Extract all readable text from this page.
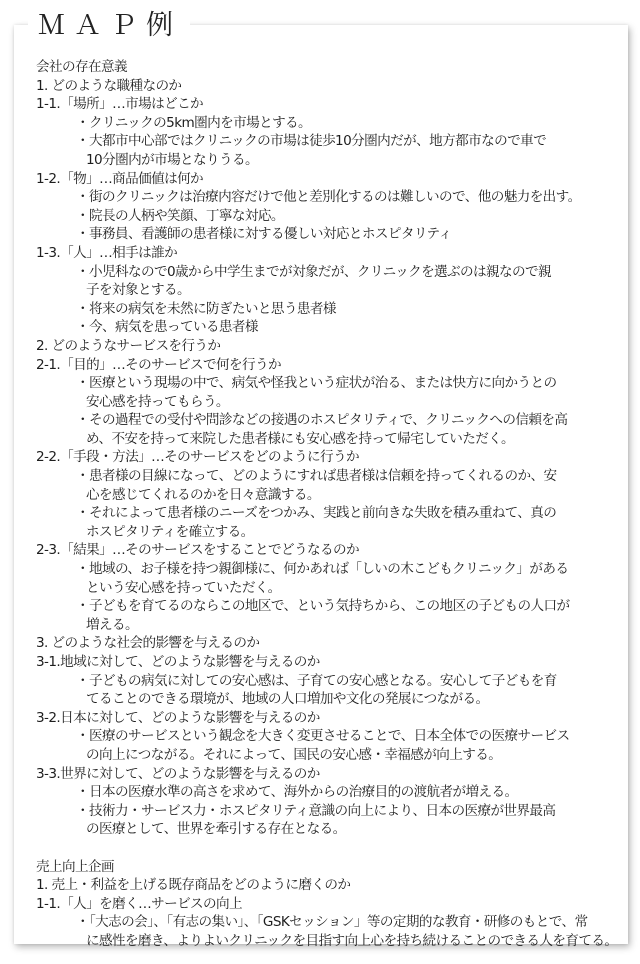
ＭＡＰ例
会社の存在意義
1. どのような職種なのか
1-1.「場所」…市場はどこか
・クリニックの5km圏内を市場とする。
・大都市中心部ではクリニックの市場は徒歩10分圏内だが、地方都市なので車で
10分圏内が市場となりうる。
1-2.「物」…商品価値は何か
・街のクリニックは治療内容だけで他と差別化するのは難しいので、他の魅力を出す。
・院長の人柄や笑顔、丁寧な対応。
・事務員、看護師の患者様に対する優しい対応とホスピタリティ
1-3.「人」…相手は誰か
・小児科なので0歳から中学生までが対象だが、クリニックを選ぶのは親なので親
子を対象とする。
・将来の病気を未然に防ぎたいと思う患者様
・今、病気を患っている患者様
2. どのようなサービスを行うか
2-1.「目的」…そのサービスで何を行うか
・医療という現場の中で、病気や怪我という症状が治る、または快方に向かうとの
安心感を持ってもらう。
・その過程での受付や問診などの接遇のホスピタリティで、クリニックへの信頼を高
め、不安を持って来院した患者様にも安心感を持って帰宅していただく。
2-2.「手段・方法」…そのサービスをどのように行うか
・患者様の目線になって、どのようにすれば患者様は信頼を持ってくれるのか、安
心を感じてくれるのかを日々意識する。
・それによって患者様のニーズをつかみ、実践と前向きな失敗を積み重ねて、真の
ホスピタリティを確立する。
2-3.「結果」…そのサービスをすることでどうなるのか
・地域の、お子様を持つ親御様に、何かあれば「しいの木こどもクリニック」がある
という安心感を持っていただく。
・子どもを育てるのならこの地区で、という気持ちから、この地区の子どもの人口が
増える。
3. どのような社会的影響を与えるのか
3-1.地域に対して、どのような影響を与えるのか
・子どもの病気に対しての安心感は、子育ての安心感となる。安心して子どもを育
てることのできる環境が、地域の人口増加や文化の発展につながる。
3-2.日本に対して、どのような影響を与えるのか
・医療のサービスという観念を大きく変更させることで、日本全体での医療サービス
の向上につながる。それによって、国民の安心感・幸福感が向上する。
3-3.世界に対して、どのような影響を与えるのか
・日本の医療水準の高さを求めて、海外からの治療目的の渡航者が増える。
・技術力・サービス力・ホスピタリティ意識の向上により、日本の医療が世界最高
の医療として、世界を牽引する存在となる。
売上向上企画
1. 売上・利益を上げる既存商品をどのように磨くのか
1-1.「人」を磨く…サービスの向上
・「大志の会」、「有志の集い」、「GSKセッション」等の定期的な教育・研修のもとで、常
に感性を磨き、よりよいクリニックを目指す向上心を持ち続けることのできる人を育てる。
